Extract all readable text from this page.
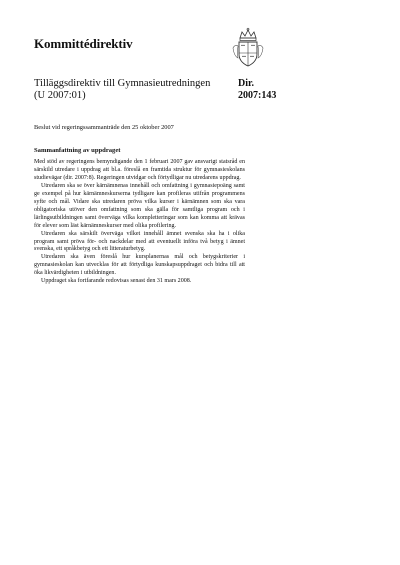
Kommittédirektiv
Tilläggsdirektiv till Gymnasieutredningen
(U 2007:01)
Dir.
2007:143
Beslut vid regeringssammanträde den 25 oktober 2007
Sammanfattning av uppdraget

Med stöd av regeringens bemyndigande den 1 februari 2007 gav ansvarigt statsråd en särskild utredare i uppdrag att bl.a. föreslå en framtida struktur för gymnasieskolans studievägar (dir. 2007:8). Regeringen utvidgar och förtydligar nu utredarens uppdrag.

Utredaren ska se över kärnämnenas innehåll och omfattning i gymnasiepoäng samt ge exempel på hur kärnämneskurserna tydligare kan profileras utifrån programmens syfte och mål. Vidare ska utredaren pröva vilka kurser i kärnämnen som ska vara obligatoriska utöver den omfattning som ska gälla för samtliga program och i lärlingsutbildningen samt överväga vilka kompletteringar som kan komma att krävas för elever som läst kärnämneskurser med olika profilering.

Utredaren ska särskilt överväga vilket innehåll ämnet svenska ska ha i olika program samt pröva för- och nackdelar med att eventuellt införa två betyg i ämnet svenska, ett språkbetyg och ett litteraturbetyg.

Utredaren ska även föreslå hur kursplanernas mål och betygskriterier i gymnasieskolan kan utvecklas för att förtydliga kunskapsuppdraget och bidra till att öka likvärdigheten i utbildningen.

Uppdraget ska fortfarande redovisas senast den 31 mars 2008.
